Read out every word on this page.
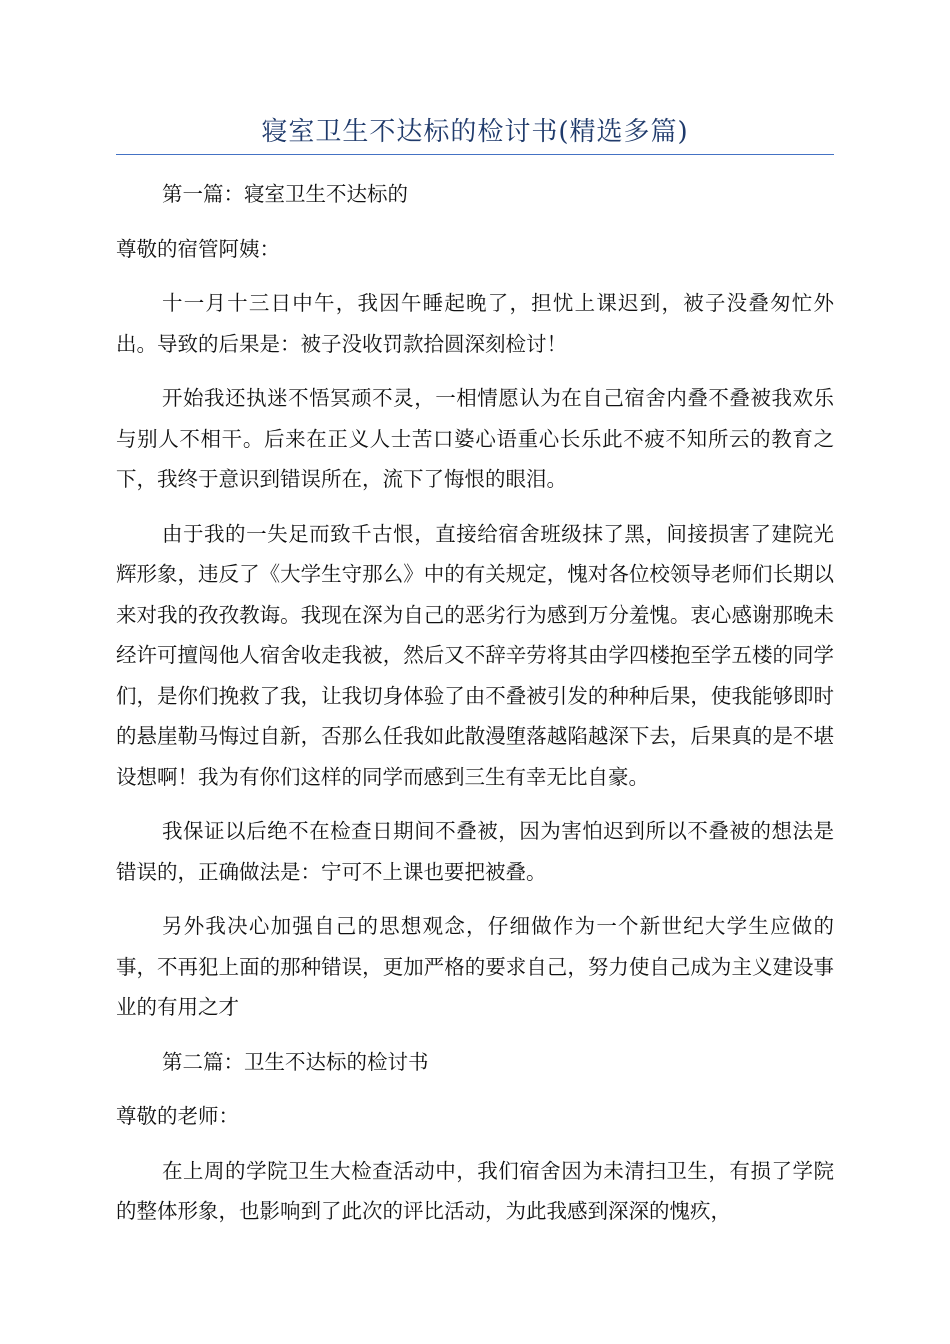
寝室卫生不达标的检讨书(精选多篇)

第一篇：寝室卫生不达标的

尊敬的宿管阿姨：

十一月十三日中午，我因午睡起晚了，担忧上课迟到，被子没叠匆忙外出。导致的后果是：被子没收罚款拾圆深刻检讨！

开始我还执迷不悟冥顽不灵，一相情愿认为在自己宿舍内叠不叠被我欢乐与别人不相干。后来在正义人士苦口婆心语重心长乐此不疲不知所云的教育之下，我终于意识到错误所在，流下了悔恨的眼泪。

由于我的一失足而致千古恨，直接给宿舍班级抹了黑，间接损害了建院光辉形象，违反了《大学生守那么》中的有关规定，愧对各位校领导老师们长期以来对我的孜孜教诲。我现在深为自己的恶劣行为感到万分羞愧。衷心感谢那晚未经许可擅闯他人宿舍收走我被，然后又不辞辛劳将其由学四楼抱至学五楼的同学们，是你们挽救了我，让我切身体验了由不叠被引发的种种后果，使我能够即时的悬崖勒马悔过自新，否那么任我如此散漫堕落越陷越深下去，后果真的是不堪设想啊！我为有你们这样的同学而感到三生有幸无比自豪。

我保证以后绝不在检查日期间不叠被，因为害怕迟到所以不叠被的想法是错误的，正确做法是：宁可不上课也要把被叠。

另外我决心加强自己的思想观念，仔细做作为一个新世纪大学生应做的事，不再犯上面的那种错误，更加严格的要求自己，努力使自己成为主义建设事业的有用之才

第二篇：卫生不达标的检讨书

尊敬的老师：

在上周的学院卫生大检查活动中，我们宿舍因为未清扫卫生，有损了学院的整体形象，也影响到了此次的评比活动，为此我感到深深的愧疚，
